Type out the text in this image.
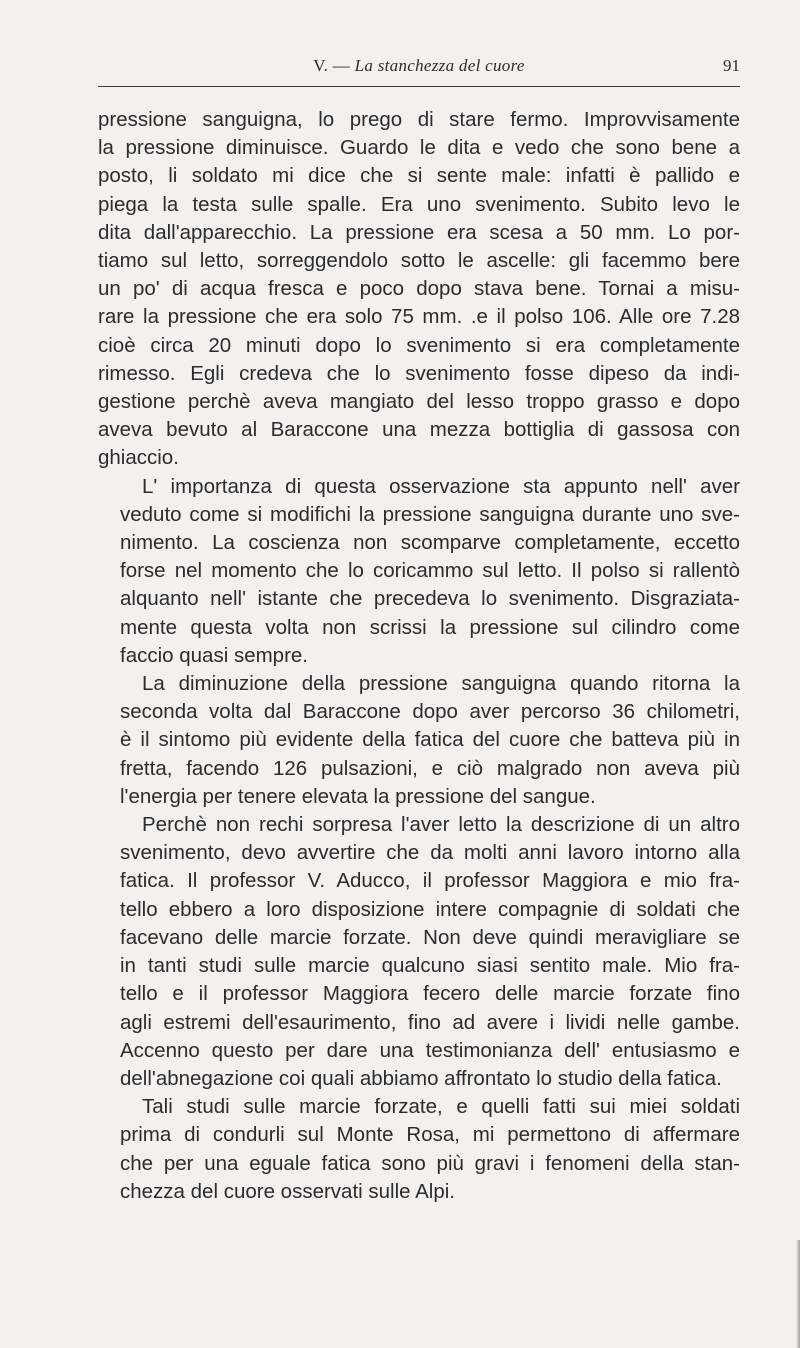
V. — La stanchezza del cuore	91

pressione sanguigna, lo prego di stare fermo. Improvvisamente
la pressione diminuisce. Guardo le dita e vedo che sono bene a
posto, li soldato mi dice che si sente male: infatti è pallido e
piega la testa sulle spalle. Era uno svenimento. Subito levo le
dita dall'apparecchio. La pressione era scesa a 50 mm. Lo por-
tiamo sul letto, sorreggendolo sotto le ascelle: gli facemmo bere
un po' di acqua fresca e poco dopo stava bene. Tornai a misu-
rare la pressione che era solo 75 mm. .e il polso 106. Alle ore 7.28
cioè circa 20 minuti dopo lo svenimento si era completamente
rimesso. Egli credeva che lo svenimento fosse dipeso da indi-
gestione perchè aveva mangiato del lesso troppo grasso e dopo
aveva bevuto al Baraccone una mezza bottiglia di gassosa con
ghiaccio.

L' importanza di questa osservazione sta appunto nell' aver
veduto come si modifichi la pressione sanguigna durante uno sve-
nimento. La coscienza non scomparve completamente, eccetto
forse nel momento che lo coricammo sul letto. Il polso si rallentò
alquanto nell' istante che precedeva lo svenimento. Disgraziata-
mente questa volta non scrissi la pressione sul cilindro come
faccio quasi sempre.

La diminuzione della pressione sanguigna quando ritorna la
seconda volta dal Baraccone dopo aver percorso 36 chilometri,
è il sintomo più evidente della fatica del cuore che batteva più in
fretta, facendo 126 pulsazioni, e ciò malgrado non aveva più
l'energia per tenere elevata la pressione del sangue.

Perchè non rechi sorpresa l'aver letto la descrizione di un altro
svenimento, devo avvertire che da molti anni lavoro intorno alla
fatica. Il professor V. Aducco, il professor Maggiora e mio fra-
tello ebbero a loro disposizione intere compagnie di soldati che
facevano delle marcie forzate. Non deve quindi meravigliare se
in tanti studi sulle marcie qualcuno siasi sentito male. Mio fra-
tello e il professor Maggiora fecero delle marcie forzate fino
agli estremi dell'esaurimento, fino ad avere i lividi nelle gambe.
Accenno questo per dare una testimonianza dell' entusiasmo e
dell'abnegazione coi quali abbiamo affrontato lo studio della fatica.

Tali studi sulle marcie forzate, e quelli fatti sui miei soldati
prima di condurli sul Monte Rosa, mi permettono di affermare
che per una eguale fatica sono più gravi i fenomeni della stan-
chezza del cuore osservati sulle Alpi.
